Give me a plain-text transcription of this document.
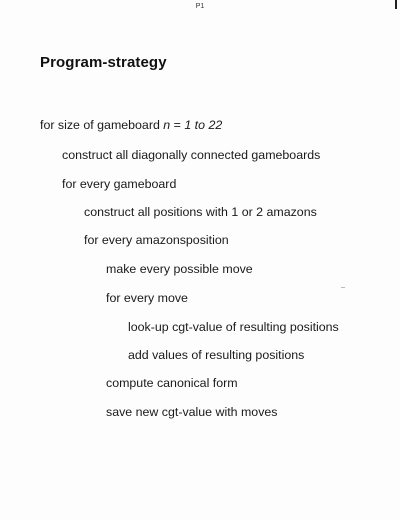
P1
Program-strategy
for size of gameboard n = 1 to 22
construct all diagonally connected gameboards
for every gameboard
construct all positions with 1 or 2 amazons
for every amazonsposition
make every possible move
for every move
look-up cgt-value of resulting positions
add values of resulting positions
compute canonical form
save new cgt-value with moves
